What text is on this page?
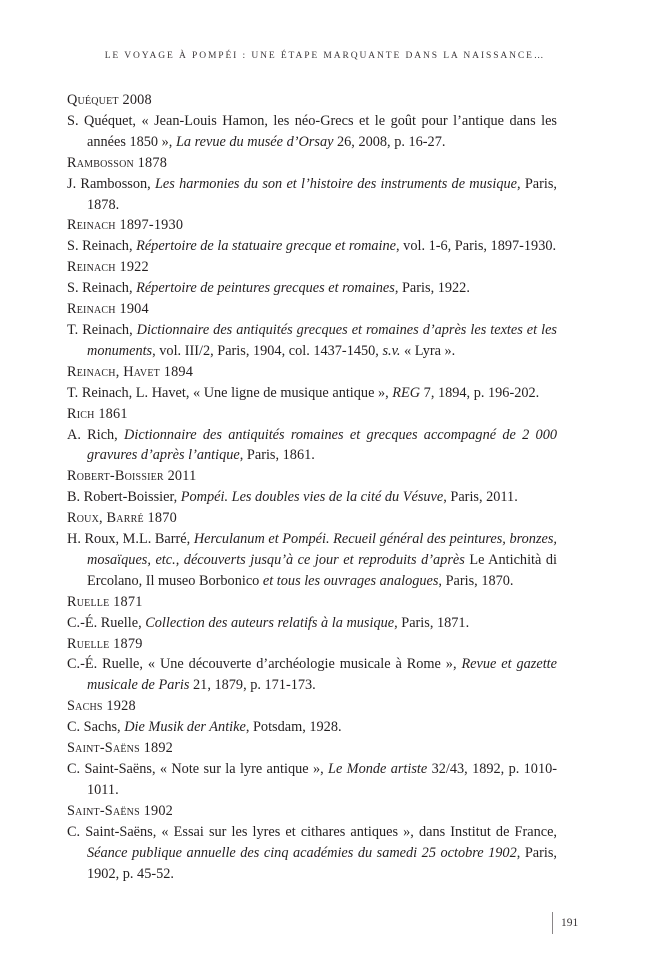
LE VOYAGE À POMPÉI : UNE ÉTAPE MARQUANTE DANS LA NAISSANCE…

Quéquet 2008

S. Quéquet, « Jean-Louis Hamon, les néo-Grecs et le goût pour l’antique dans les années 1850 », La revue du musée d’Orsay 26, 2008, p. 16-27.

Rambosson 1878

J. Rambosson, Les harmonies du son et l’histoire des instruments de musique, Paris, 1878.

Reinach 1897-1930

S. Reinach, Répertoire de la statuaire grecque et romaine, vol. 1-6, Paris, 1897-1930.

Reinach 1922

S. Reinach, Répertoire de peintures grecques et romaines, Paris, 1922.

Reinach 1904

T. Reinach, Dictionnaire des antiquités grecques et romaines d’après les textes et les monuments, vol. III/2, Paris, 1904, col. 1437-1450, s.v. « Lyra ».

Reinach, Havet 1894

T. Reinach, L. Havet, « Une ligne de musique antique », REG 7, 1894, p. 196-202.

Rich 1861

A. Rich, Dictionnaire des antiquités romaines et grecques accompagné de 2 000 gravures d’après l’antique, Paris, 1861.

Robert-Boissier 2011

B. Robert-Boissier, Pompéi. Les doubles vies de la cité du Vésuve, Paris, 2011.

Roux, Barré 1870

H. Roux, M.L. Barré, Herculanum et Pompéi. Recueil général des peintures, bronzes, mosaïques, etc., découverts jusqu’à ce jour et reproduits d’après Le Antichità di Ercolano, Il museo Borbonico et tous les ouvrages analogues, Paris, 1870.

Ruelle 1871

C.-É. Ruelle, Collection des auteurs relatifs à la musique, Paris, 1871.

Ruelle 1879

C.-É. Ruelle, « Une découverte d’archéologie musicale à Rome », Revue et gazette musicale de Paris 21, 1879, p. 171-173.

Sachs 1928

C. Sachs, Die Musik der Antike, Potsdam, 1928.

Saint-Saëns 1892

C. Saint-Saëns, « Note sur la lyre antique », Le Monde artiste 32/43, 1892, p. 1010-1011.

Saint-Saëns 1902

C. Saint-Saëns, « Essai sur les lyres et cithares antiques », dans Institut de France, Séance publique annuelle des cinq académies du samedi 25 octobre 1902, Paris, 1902, p. 45-52.

191
